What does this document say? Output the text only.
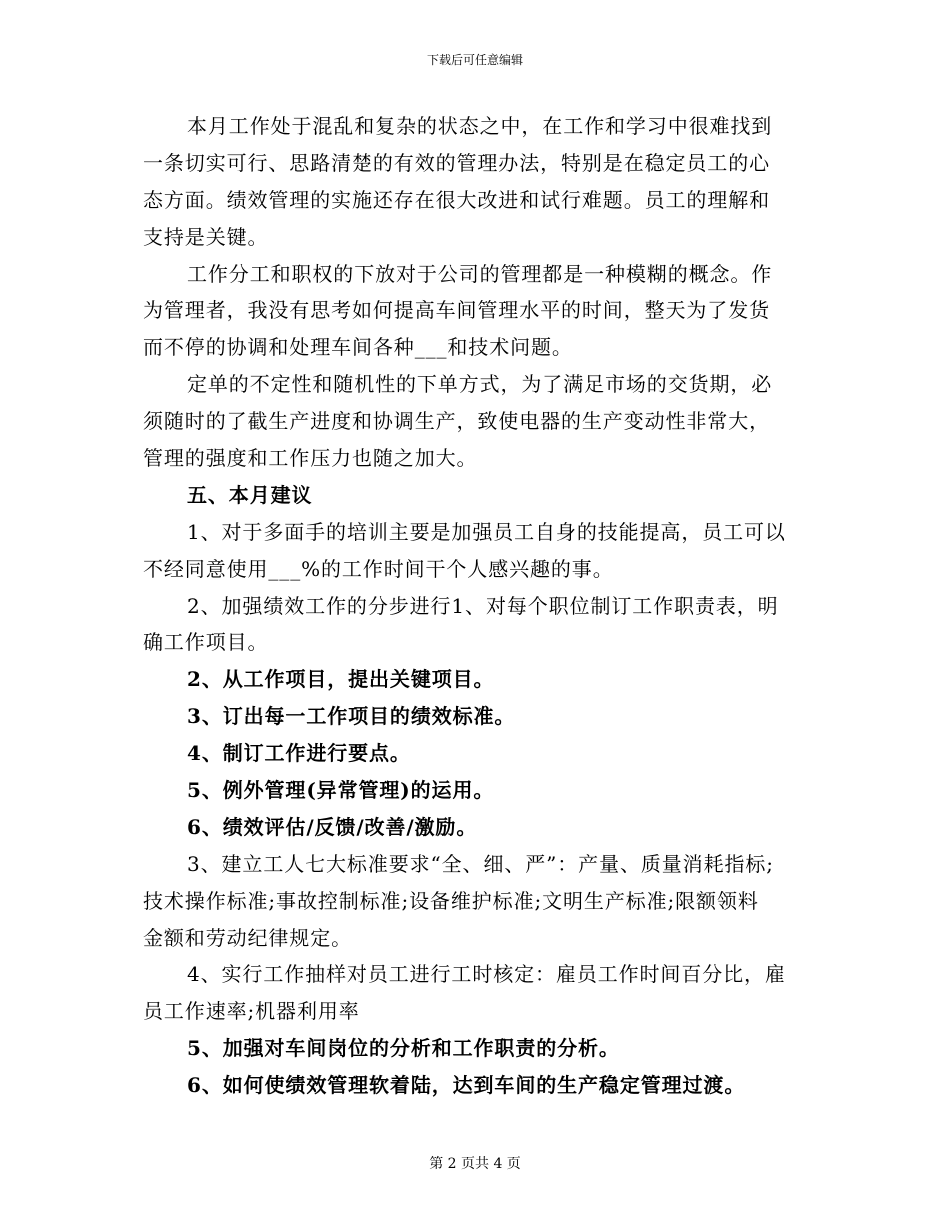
下载后可任意编辑
本月工作处于混乱和复杂的状态之中，在工作和学习中很难找到
一条切实可行、思路清楚的有效的管理办法，特别是在稳定员工的心
态方面。绩效管理的实施还存在很大改进和试行难题。员工的理解和
支持是关键。
工作分工和职权的下放对于公司的管理都是一种模糊的概念。作
为管理者，我没有思考如何提高车间管理水平的时间，整天为了发货
而不停的协调和处理车间各种___和技术问题。
定单的不定性和随机性的下单方式，为了满足市场的交货期，必
须随时的了截生产进度和协调生产，致使电器的生产变动性非常大，
管理的强度和工作压力也随之加大。
五、本月建议
1、对于多面手的培训主要是加强员工自身的技能提高，员工可以
不经同意使用___%的工作时间干个人感兴趣的事。
2、加强绩效工作的分步进行1、对每个职位制订工作职责表，明
确工作项目。
2、从工作项目，提出关键项目。
3、订出每一工作项目的绩效标准。
4、制订工作进行要点。
5、例外管理(异常管理)的运用。
6、绩效评估/反馈/改善/激励。
3、建立工人七大标准要求“全、细、严”：产量、质量消耗指标;
技术操作标准;事故控制标准;设备维护标准;文明生产标准;限额领料
金额和劳动纪律规定。
4、实行工作抽样对员工进行工时核定：雇员工作时间百分比，雇
员工作速率;机器利用率
5、加强对车间岗位的分析和工作职责的分析。
6、如何使绩效管理软着陆，达到车间的生产稳定管理过渡。
第 2 页共 4 页
